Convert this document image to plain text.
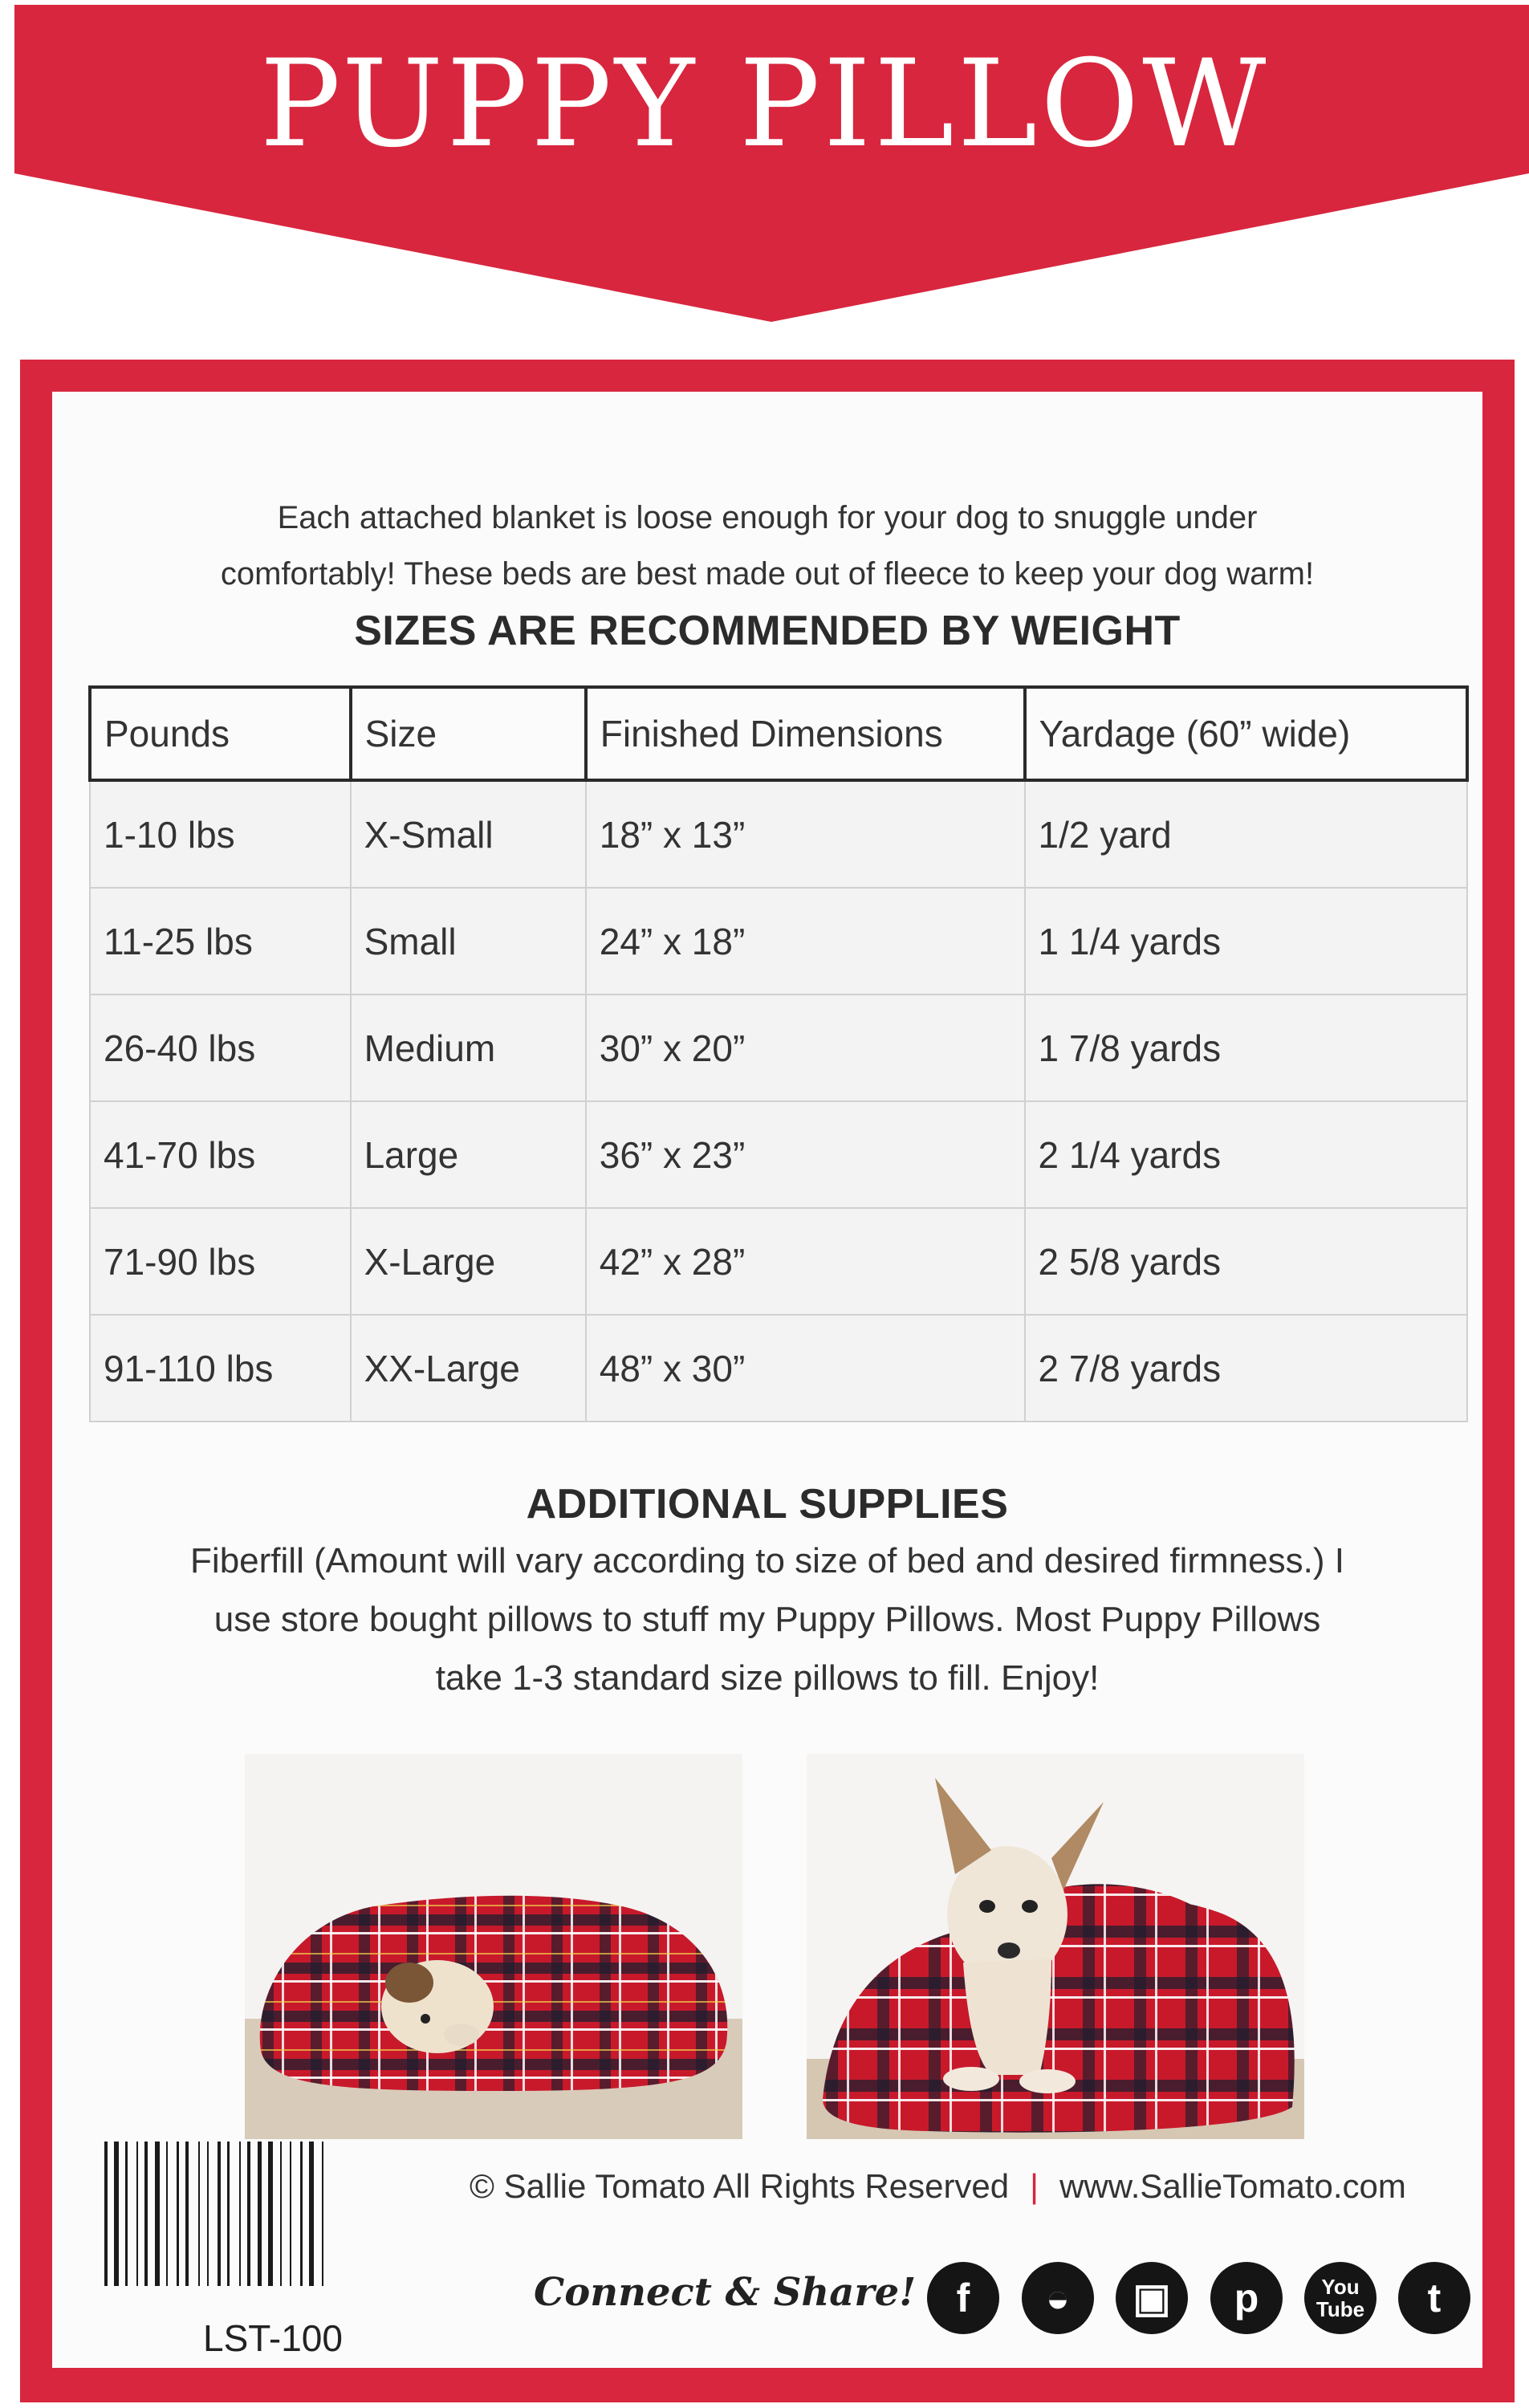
PUPPY PILLOW
Each attached blanket is loose enough for your dog to snuggle under
comfortably! These beds are best made out of fleece to keep your dog warm!
SIZES ARE RECOMMENDED BY WEIGHT
Pounds	Size	Finished Dimensions	Yardage (60” wide)
1-10 lbs	X-Small	18” x 13”	1/2 yard
11-25 lbs	Small	24” x 18”	1 1/4 yards
26-40 lbs	Medium	30” x 20”	1 7/8 yards
41-70 lbs	Large	36” x 23”	2 1/4 yards
71-90 lbs	X-Large	42” x 28”	2 5/8 yards
91-110 lbs	XX-Large	48” x 30”	2 7/8 yards
ADDITIONAL SUPPLIES
Fiberfill (Amount will vary according to size of bed and desired firmness.) I
use store bought pillows to stuff my Puppy Pillows. Most Puppy Pillows
take 1-3 standard size pillows to fill. Enjoy!
LST-100
© Sallie Tomato All Rights Reserved | www.SallieTomato.com
Connect & Share!	f	◒	▣	p	You
Tube	t
